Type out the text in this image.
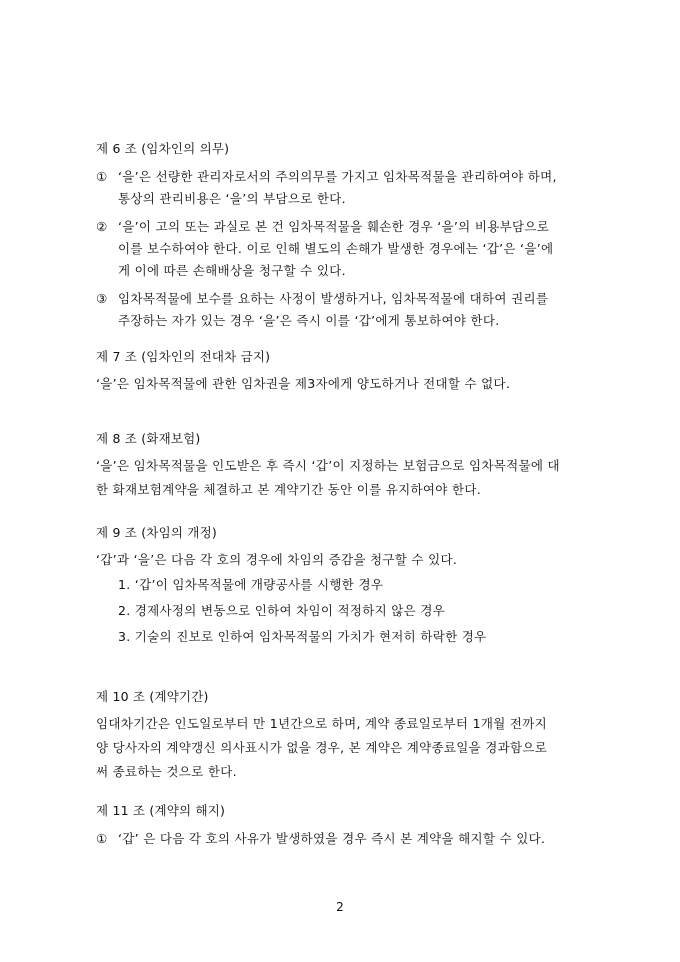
제 6 조 (임차인의 의무)

① ‘을’은 선량한 관리자로서의 주의의무를 가지고 임차목적물을 관리하여야 하며,
통상의 관리비용은 ‘을’의 부담으로 한다.
② ‘을’이 고의 또는 과실로 본 건 임차목적물을 훼손한 경우 ‘을’의 비용부담으로
이를 보수하여야 한다. 이로 인해 별도의 손해가 발생한 경우에는 ‘갑’은 ‘을’에
게 이에 따른 손해배상을 청구할 수 있다.
③ 임차목적물에 보수를 요하는 사정이 발생하거나, 임차목적물에 대하여 권리를
주장하는 자가 있는 경우 ‘을’은 즉시 이를 ‘갑’에게 통보하여야 한다.

제 7 조 (임차인의 전대차 금지)

‘을’은 임차목적물에 관한 임차권을 제3자에게 양도하거나 전대할 수 없다.

제 8 조 (화재보험)

‘을’은 임차목적물을 인도받은 후 즉시 ‘갑’이 지정하는 보험금으로 임차목적물에 대

한 화재보험계약을 체결하고 본 계약기간 동안 이를 유지하여야 한다.

제 9 조 (차임의 개정)

‘갑’과 ‘을’은 다음 각 호의 경우에 차임의 증감을 청구할 수 있다.

1. ‘갑’이 임차목적물에 개량공사를 시행한 경우

2. 경제사정의 변동으로 인하여 차임이 적정하지 않은 경우

3. 기술의 진보로 인하여 임차목적물의 가치가 현저히 하락한 경우

제 10 조 (계약기간)

임대차기간은 인도일로부터 만 1년간으로 하며, 계약 종료일로부터 1개월 전까지

양 당사자의 계약갱신 의사표시가 없을 경우, 본 계약은 계약종료일을 경과함으로

써 종료하는 것으로 한다.

제 11 조 (계약의 해지)

① ‘갑’ 은 다음 각 호의 사유가 발생하였을 경우 즉시 본 계약을 해지할 수 있다.
2
